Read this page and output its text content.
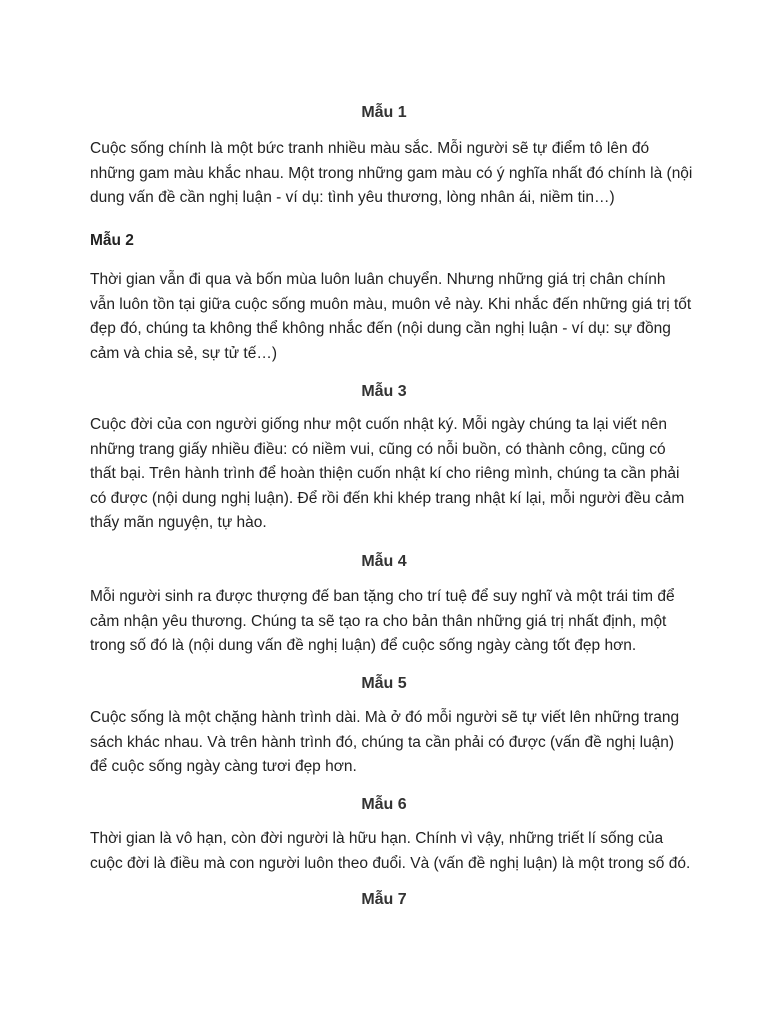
Mẫu 1

Cuộc sống chính là một bức tranh nhiều màu sắc. Mỗi người sẽ tự điểm tô lên đó
những gam màu khắc nhau. Một trong những gam màu có ý nghĩa nhất đó chính là (nội
dung vấn đề cần nghị luận - ví dụ: tình yêu thương, lòng nhân ái, niềm tin…)

Mẫu 2

Thời gian vẫn đi qua và bốn mùa luôn luân chuyển. Nhưng những giá trị chân chính
vẫn luôn tồn tại giữa cuộc sống muôn màu, muôn vẻ này. Khi nhắc đến những giá trị tốt
đẹp đó, chúng ta không thể không nhắc đến (nội dung cần nghị luận - ví dụ: sự đồng
cảm và chia sẻ, sự tử tế…)

Mẫu 3

Cuộc đời của con người giống như một cuốn nhật ký. Mỗi ngày chúng ta lại viết nên
những trang giấy nhiều điều: có niềm vui, cũng có nỗi buồn, có thành công, cũng có
thất bại. Trên hành trình để hoàn thiện cuốn nhật kí cho riêng mình, chúng ta cần phải
có được (nội dung nghị luận). Để rồi đến khi khép trang nhật kí lại, mỗi người đều cảm
thấy mãn nguyện, tự hào.

Mẫu 4

Mỗi người sinh ra được thượng đế ban tặng cho trí tuệ để suy nghĩ và một trái tim để
cảm nhận yêu thương. Chúng ta sẽ tạo ra cho bản thân những giá trị nhất định, một
trong số đó là (nội dung vấn đề nghị luận) để cuộc sống ngày càng tốt đẹp hơn.

Mẫu 5

Cuộc sống là một chặng hành trình dài. Mà ở đó mỗi người sẽ tự viết lên những trang
sách khác nhau. Và trên hành trình đó, chúng ta cần phải có được (vấn đề nghị luận)
để cuộc sống ngày càng tươi đẹp hơn.

Mẫu 6

Thời gian là vô hạn, còn đời người là hữu hạn. Chính vì vậy, những triết lí sống của
cuộc đời là điều mà con người luôn theo đuổi. Và (vấn đề nghị luận) là một trong số đó.

Mẫu 7
